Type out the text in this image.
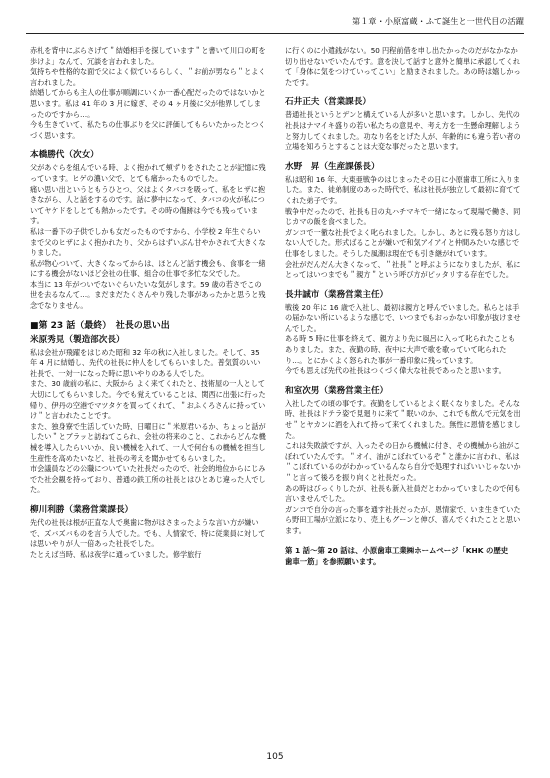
第１章・小原富蔵・ふて誕生と一世代目の活躍

赤札を背中にぶらさげて＂結婚相手を探しています＂と書いて川口の町を歩けよ」なんて、冗談を言われました。

気持ちや性格的な面で父によく似ているらしく、＂お前が男なら＂とよく言われました。

結婚してからも主人の仕事が順調にいくか一番心配だったのではないかと思います。私は 41 年の 3 月に嫁ぎ、その 4 ヶ月後に父が他界してしまったのですから…。

今も生きていて、私たちの仕事ぶりを父に評価してもらいたかったとつくづく思います。

本橋勝代（次女）

父があぐらを組んでいる時、よく抱かれて頬ずりをされたことが記憶に残っています。ヒゲの濃い父で、とても痛かったものでした。

痛い思い出というともうひとつ、父はよくタバコを吸って、私をヒザに抱きながら、人と話をするのです。話に夢中になって、タバコの火が私についてヤケドをしとても熱かったです。その時の傷跡は今でも残っています。

私は一番下の子供でしかも女だったものですから、小学校 2 年生ぐらいまで父のヒザによく抱かれたり、父からはずいぶん甘やかされて大きくなりました。

私が物心ついて、大きくなってからは、ほとんど話す機会も、食事を一緒にする機会がないほど会社の仕事、組合の仕事で多忙な父でした。

本当に 13 年がついでないぐらいたいな気がします。59 歳の若さでこの世を去るなんて…。まだまだたくさんやり残した事があったかと思うと残念でなりません。

■第 23 話（最終）　社長の思い出
米原秀見（製造部次長）

私は会社が飛躍をはじめた昭和 32 年の秋に入社しました。そして、35 年 4 月に結婚し、先代の社長に仲人をしてもらいました。普気質のいい社長で、一対一になった時に思いやりのある人でした。

また、30 歳前の私に、大阪から よく来てくれたと、技術屋の一人として大切にしてもらいました。今でも覚えていることは、関西に出張に行った帰り、伊丹の空港でマツタケを買ってくれて、＂おふくろさんに持っていけ＂と言われたことです。

また、独身寮で生活していた時、日曜日に＂米原君いるか、ちょっと話がしたい＂とブラッと訪ねてこられ、会社の将来のこと、これからどんな機械を導入したらいいか、良い機械を入れて、一人で何台もの機械を担当し生産性を高めたいなど、社長の考えを聞かせてもらいました。

市会議員などの公職についていた社長だったので、社会的地位からにじみでた社会観を持っており、普通の鉄工所の社長とはひとあじ違った人でした。

柳川利勝（業務営業課長）

先代の社長は根が正直な人で奥歯に物がはさまったような言い方が嫌いで、ズバズバものを言う人でした。でも、人情家で、特に従業員に対しては思いやりが人一倍あった社長でした。

たとえば当時、私は夜学に通っていました。修学旅行

に行くのに小遣銭がない。50 円程前借を申し出たかったのだがなかなか切り出せないでいたんです。意を決して話すと意外と簡単に承認してくれて「身体に気をつけていってこい」と励まされました。あの時は嬉しかったです。

石井正夫（営業課長）

普通社長というとデンと構えている人が多いと思います。しかし、先代の社長はナマイキ盛りの若い私たちの意見や、考え方を一生懸命理解しようと努力してくれました。功なり名をとげた人が、年齢的にも違う若い者の立場を知ろうとすることは大変な事だったと思います。

水野　昇（生産課係長）

私は昭和 16 年、大東亜戦争のはじまったその日に小原歯車工所に入りました。また、徒弟制度のあった時代で、私は社長が独立して最初に育ててくれた弟子です。

戦争中だったので、社長も日の丸ハチマキで一緒になって現場で働き、同じカマの飯を食べました。

ガンコで一徹な社長でよく叱られました。しかし、あとに残る怒り方はしない人でした。形式ばることが嫌いで和気アイアイと仲間みたいな感じで仕事をしました。そうした風潮は現在でも引き継がれています。

会社がだんだん大きくなって、＂社長＂と呼ぶようになりましたが、私にとってはいつまでも＂親方＂という呼び方がピッタリする存在でした。

長井誠市（業務営業主任）

戦後 20 年に 16 歳で入社し、最初は親方と呼んでいました。私らとは手の届かない所にいるような感じで、いつまでもおっかない印象が抜けませんでした。

ある時 5 時に仕事を終えて、親方より先に風呂に入って叱られたこともありました。また、夜勤の時、夜中に大声で歌を歌っていて叱られたり…。とにかくよく怒られた事が一番印象に残っています。

今でも思えば先代の社長はつくづく偉大な社長であったと思います。

和室次男（業務営業主任）

入社したての頃の事です。夜勤をしているとよく眠くなりました。そんな時、社長はドテラ姿で見廻りに来て＂眠いのか、これでも飲んで元気を出せ＂とヤカンに酒を入れて持って来てくれました。無性に恩情を感じました。

これは失敗談ですが、入ったその日から機械に付き、その機械から油がこぼれていたんです。＂オイ、油がこぼれているぞ＂と誰かに言われ、私は＂こぼれているのがわかっているんなら自分で処理すればいいじゃないか＂と言って後ろを振り向くと社長だった。

あの時はびっくりしたが、社長も新入社員だとわかっていましたので何も言いませんでした。

ガンコで自分の言った事を通す社長だったが、恩情家で、いま生きていたら野田工場が立派になり、売上もグーンと伸び、喜んでくれたことと思います。

第 1 話〜第 20 話は、小原歯車工業㈱ホームページ「KHK の歴史　歯車一筋」を参照願います。
105
